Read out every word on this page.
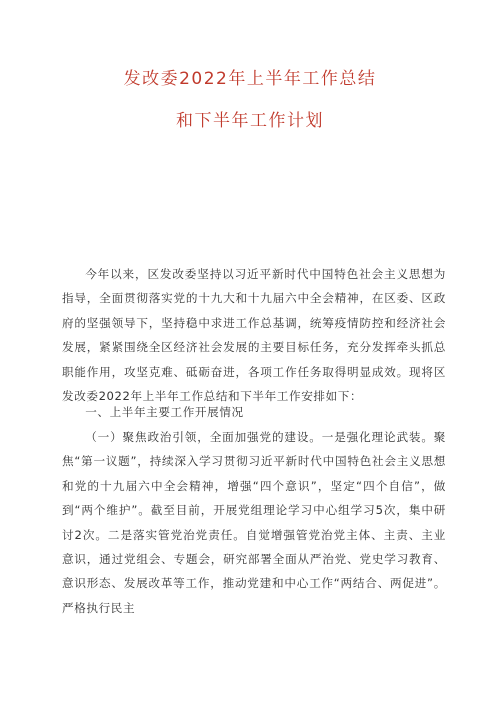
发改委2022年上半年工作总结
和下半年工作计划

今年以来，区发改委坚持以习近平新时代中国特色社会主义思想为指导，全面贯彻落实党的十九大和十九届六中全会精神，在区委、区政府的坚强领导下，坚持稳中求进工作总基调，统筹疫情防控和经济社会发展，紧紧围绕全区经济社会发展的主要目标任务，充分发挥牵头抓总职能作用，攻坚克难、砥砺奋进，各项工作任务取得明显成效。现将区发改委2022年上半年工作总结和下半年工作安排如下：

一、上半年主要工作开展情况

（一）聚焦政治引领，全面加强党的建设。一是强化理论武装。聚焦“第一议题”，持续深入学习贯彻习近平新时代中国特色社会主义思想和党的十九届六中全会精神，增强“四个意识”，坚定“四个自信”，做到“两个维护”。截至目前，开展党组理论学习中心组学习5次，集中研讨2次。二是落实管党治党责任。自觉增强管党治党主体、主责、主业意识，通过党组会、专题会，研究部署全面从严治党、党史学习教育、意识形态、发展改革等工作，推动党建和中心工作“两结合、两促进”。严格执行民主
